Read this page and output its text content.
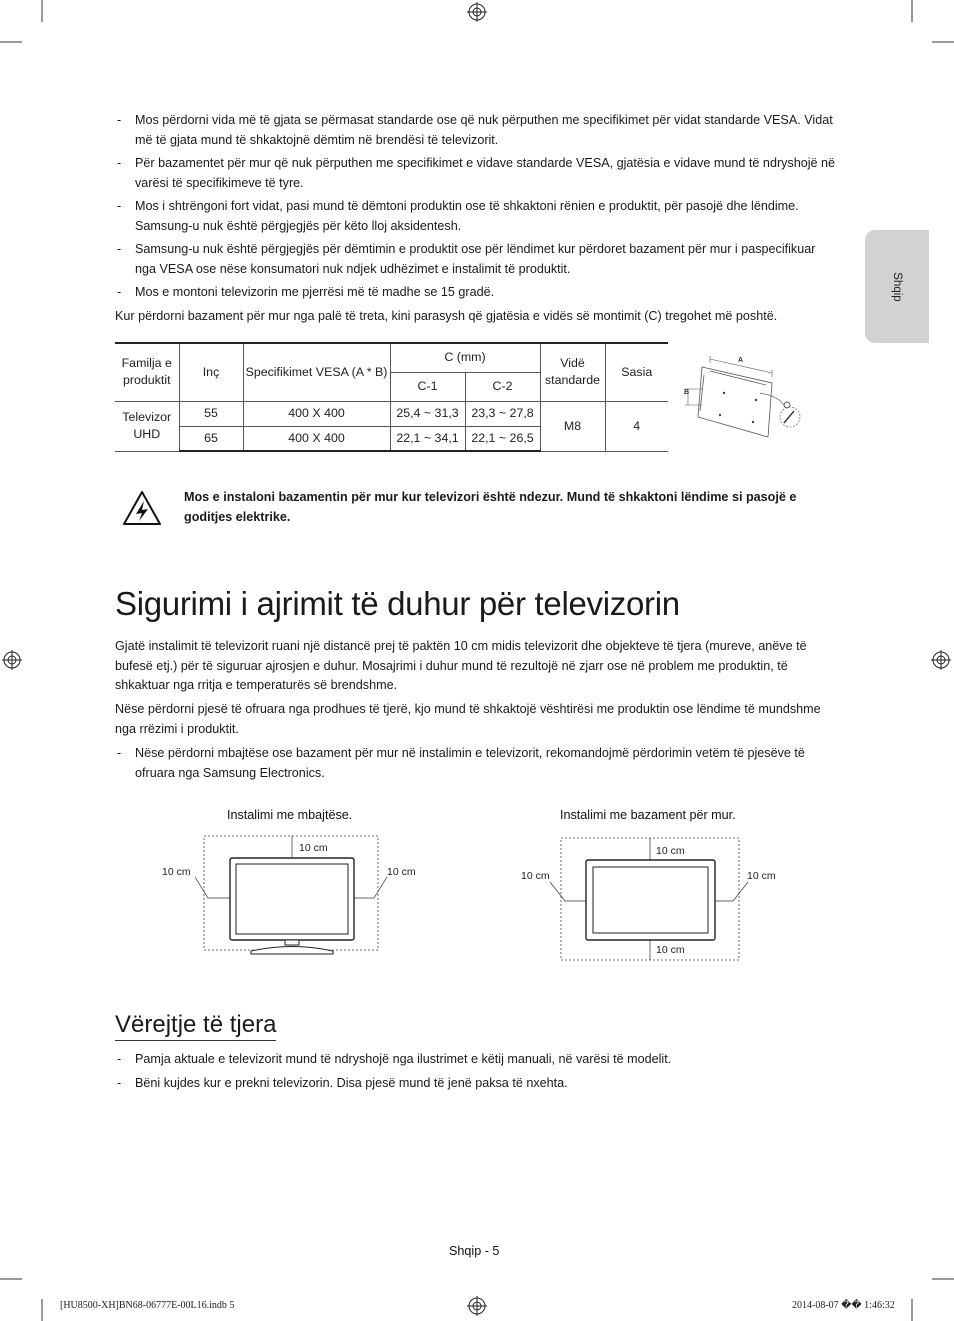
Shqip
- Mos përdorni vida më të gjata se përmasat standarde ose që nuk përputhen me specifikimet për vidat standarde VESA. Vidat më të gjata mund të shkaktojnë dëmtim në brendësi të televizorit.
- Për bazamentet për mur që nuk përputhen me specifikimet e vidave standarde VESA, gjatësia e vidave mund të ndryshojë në varësi të specifikimeve të tyre.
- Mos i shtrëngoni fort vidat, pasi mund të dëmtoni produktin ose të shkaktoni rënien e produktit, për pasojë dhe lëndime. Samsung-u nuk është përgjegjës për këto lloj aksidentesh.
- Samsung-u nuk është përgjegjës për dëmtimin e produktit ose për lëndimet kur përdoret bazament për mur i paspecifikuar nga VESA ose nëse konsumatori nuk ndjek udhëzimet e instalimit të produktit.
- Mos e montoni televizorin me pjerrësi më të madhe se 15 gradë.

Kur përdorni bazament për mur nga palë të treta, kini parasysh që gjatësia e vidës së montimit (C) tregohet më poshtë.

Familja e produktit	Inç	Specifikimet VESA (A * B)	C (mm)		Vidë standarde	Sasia
			C-1	C-2		
Televizor UHD	55	400 X 400	25,4 ~ 31,3	23,3 ~ 27,8	M8	4
	65	400 X 400	22,1 ~ 34,1	22,1 ~ 26,5		
A
B

Mos e instaloni bazamentin për mur kur televizori është ndezur. Mund të shkaktoni lëndime si pasojë e goditjes elektrike.

Sigurimi i ajrimit të duhur për televizorin

Gjatë instalimit të televizorit ruani një distancë prej të paktën 10 cm midis televizorit dhe objekteve të tjera (mureve, anëve të bufesë etj.) për të siguruar ajrosjen e duhur. Mosajrimi i duhur mund të rezultojë në zjarr ose në problem me produktin, të shkaktuar nga rritja e temperaturës së brendshme.

Nëse përdorni pjesë të ofruara nga prodhues të tjerë, kjo mund të shkaktojë vështirësi me produktin ose lëndime të mundshme nga rrëzimi i produktit.

- Nëse përdorni mbajtëse ose bazament për mur në instalimin e televizorit, rekomandojmë përdorimin vetëm të pjesëve të ofruara nga Samsung Electronics.
Instalimi me mbajtëse.
10 cm
10 cm	10 cm
Instalimi me bazament për mur.
10 cm
10 cm
10 cm	10 cm
Vërejtje të tjera
- Pamja aktuale e televizorit mund të ndryshojë nga ilustrimet e këtij manuali, në varësi të modelit.
- Bëni kujdes kur e prekni televizorin. Disa pjesë mund të jenë paksa të nxehta.
Shqip - 5
[HU8500-XH]BN68-06777E-00L16.indb 5	2014-08-07 �� 1:46:32
